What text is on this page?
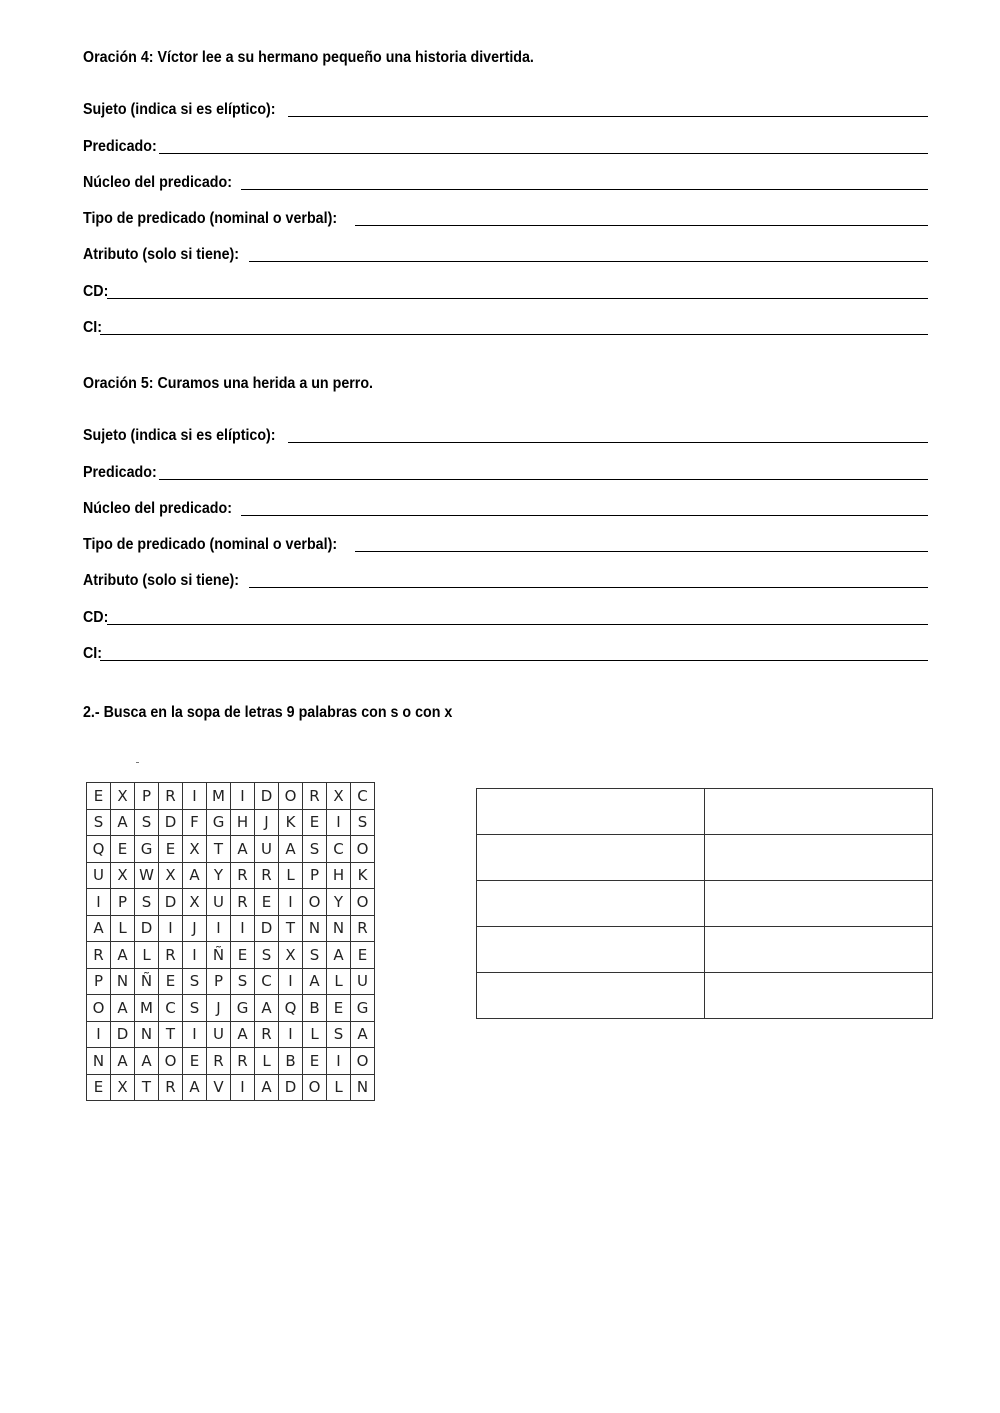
Oración 4: Víctor lee a su hermano pequeño una historia divertida.
Sujeto (indica si es elíptico):
Predicado:
Núcleo del predicado:
Tipo de predicado (nominal o verbal):
Atributo (solo si tiene):
CD:
CI:
Oración 5: Curamos una herida a un perro.
Sujeto (indica si es elíptico):
Predicado:
Núcleo del predicado:
Tipo de predicado (nominal o verbal):
Atributo (solo si tiene):
CD:
CI:
2.- Busca en la sopa de letras 9 palabras con s o con x
E	X	P	R	I	M	I	D	O	R	X	C
S	A	S	D	F	G	H	J	K	E	I	S
Q	E	G	E	X	T	A	U	A	S	C	O
U	X	W	X	A	Y	R	R	L	P	H	K
I	P	S	D	X	U	R	E	I	O	Y	O
A	L	D	I	J	I	I	D	T	N	N	R
R	A	L	R	I	Ñ	E	S	X	S	A	E
P	N	Ñ	E	S	P	S	C	I	A	L	U
O	A	M	C	S	J	G	A	Q	B	E	G
I	D	N	T	I	U	A	R	I	L	S	A
N	A	A	O	E	R	R	L	B	E	I	O
E	X	T	R	A	V	I	A	D	O	L	N
